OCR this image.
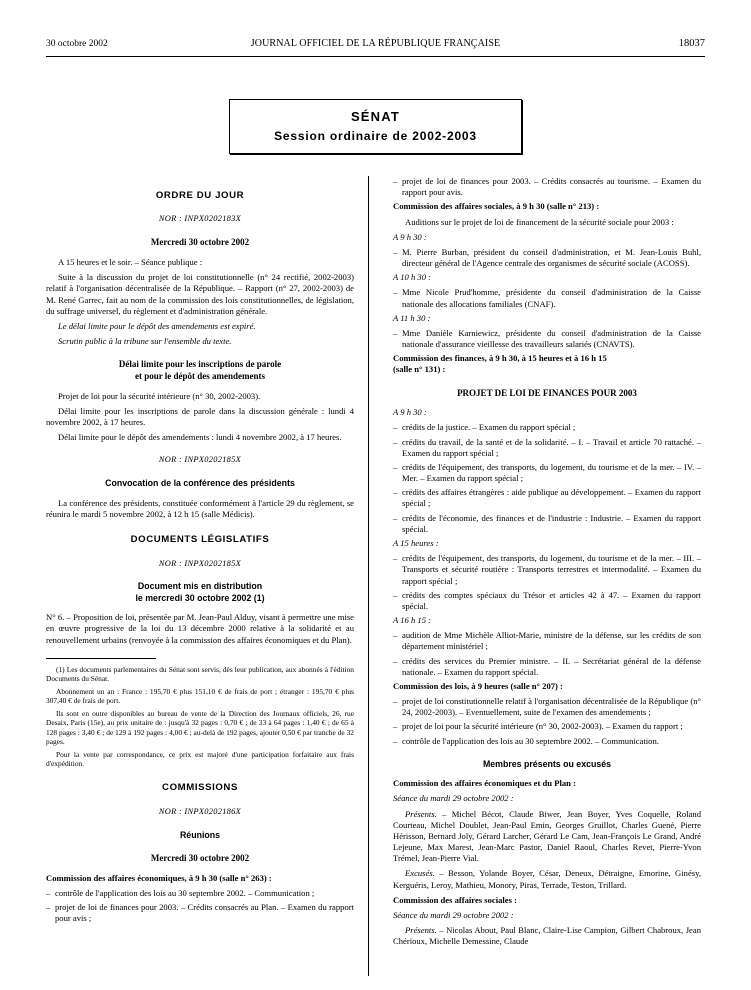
30 octobre 2002	JOURNAL OFFICIEL DE LA RÉPUBLIQUE FRANÇAISE	18037
SÉNAT
Session ordinaire de 2002-2003
ORDRE DU JOUR
NOR : INPX0202183X
Mercredi 30 octobre 2002

A 15 heures et le soir. – Séance publique :

Suite à la discussion du projet de loi constitutionnelle (n° 24 rectifié, 2002-2003) relatif à l'organisation décentralisée de la République. – Rapport (n° 27, 2002-2003) de M. René Garrec, fait au nom de la commission des lois constitutionnelles, de législation, du suffrage universel, du règlement et d'administration générale.

Le délai limite pour le dépôt des amendements est expiré.

Scrutin public à la tribune sur l'ensemble du texte.

Délai limite pour les inscriptions de parole
et pour le dépôt des amendements

Projet de loi pour la sécurité intérieure (n° 30, 2002-2003).

Délai limite pour les inscriptions de parole dans la discussion générale : lundi 4 novembre 2002, à 17 heures.

Délai limite pour le dépôt des amendements : lundi 4 novembre 2002, à 17 heures.

NOR : INPX0202185X
Convocation de la conférence des présidents

La conférence des présidents, constituée conformément à l'article 29 du règlement, se réunira le mardi 5 novembre 2002, à 12 h 15 (salle Médicis).

DOCUMENTS LÉGISLATIFS
NOR : INPX0202185X
Document mis en distribution
le mercredi 30 octobre 2002 (1)

N° 6. – Proposition de loi, présentée par M. Jean-Paul Alduy, visant à permettre une mise en œuvre progressive de la loi du 13 décembre 2000 relative à la solidarité et au renouvellement urbains (renvoyée à la commission des affaires économiques et du Plan).

(1) Les documents parlementaires du Sénat sont servis, dès leur publication, aux abonnés à l'édition Documents du Sénat.

Abonnement un an : France : 195,70 € plus 151,10 € de frais de port ; étranger : 195,70 € plus 307,40 € de frais de port.

Ils sont en outre disponibles au bureau de vente de la Direction des Journaux officiels, 26, rue Desaix, Paris (15e), au prix unitaire de : jusqu'à 32 pages : 0,70 € ; de 33 à 64 pages : 1,40 € ; de 65 à 128 pages : 3,40 € ; de 129 à 192 pages : 4,00 € ; au-delà de 192 pages, ajouter 0,50 € par tranche de 32 pages.

Pour la vente par correspondance, ce prix est majoré d'une participation forfaitaire aux frais d'expédition.

COMMISSIONS
NOR : INPX0202186X
Réunions
Mercredi 30 octobre 2002

Commission des affaires économiques, à 9 h 30 (salle n° 263) :

– contrôle de l'application des lois au 30 septembre 2002. – Communication ;

– projet de loi de finances pour 2003. – Crédits consacrés au Plan. – Examen du rapport pour avis ;

– projet de loi de finances pour 2003. – Crédits consacrés au tourisme. – Examen du rapport pour avis.

Commission des affaires sociales, à 9 h 30 (salle n° 213) :

Auditions sur le projet de loi de financement de la sécurité sociale pour 2003 :

A 9 h 30 :

– M. Pierre Burban, président du conseil d'administration, et M. Jean-Louis Buhl, directeur général de l'Agence centrale des organismes de sécurité sociale (ACOSS).

A 10 h 30 :

– Mme Nicole Prud'homme, présidente du conseil d'administration de la Caisse nationale des allocations familiales (CNAF).

A 11 h 30 :

– Mme Danièle Karniewicz, présidente du conseil d'administration de la Caisse nationale d'assurance vieillesse des travailleurs salariés (CNAVTS).

Commission des finances, à 9 h 30, à 15 heures et à 16 h 15
(salle n° 131) :

PROJET DE LOI DE FINANCES POUR 2003

A 9 h 30 :

– crédits de la justice. – Examen du rapport spécial ;

– crédits du travail, de la santé et de la solidarité. – I. – Travail et article 70 rattaché. – Examen du rapport spécial ;

– crédits de l'équipement, des transports, du logement, du tourisme et de la mer. – IV. – Mer. – Examen du rapport spécial ;

– crédits des affaires étrangères : aide publique au développement. – Examen du rapport spécial ;

– crédits de l'économie, des finances et de l'industrie : Industrie. – Examen du rapport spécial.

A 15 heures :

– crédits de l'équipement, des transports, du logement, du tourisme et de la mer. – III. – Transports et sécurité routière : Transports terrestres et intermodalité. – Examen du rapport spécial ;

– crédits des comptes spéciaux du Trésor et articles 42 à 47. – Examen du rapport spécial.

A 16 h 15 :

– audition de Mme Michèle Alliot-Marie, ministre de la défense, sur les crédits de son département ministériel ;

– crédits des services du Premier ministre. – II. – Secrétariat général de la défense nationale. – Examen du rapport spécial.

Commission des lois, à 9 heures (salle n° 207) :

– projet de loi constitutionnelle relatif à l'organisation décentralisée de la République (n° 24, 2002-2003). – Eventuellement, suite de l'examen des amendements ;

– projet de loi pour la sécurité intérieure (n° 30, 2002-2003). – Examen du rapport ;

– contrôle de l'application des lois au 30 septembre 2002. – Communication.

Membres présents ou excusés

Commission des affaires économiques et du Plan :

Séance du mardi 29 octobre 2002 :

Présents. – Michel Bécot, Claude Biwer, Jean Boyer, Yves Coquelle, Roland Courteau, Michel Doublet, Jean-Paul Emin, Georges Gruillot, Charles Guené, Pierre Hérisson, Bernard Joly, Gérard Larcher, Gérard Le Cam, Jean-François Le Grand, André Lejeune, Max Marest, Jean-Marc Pastor, Daniel Raoul, Charles Revet, Pierre-Yvon Trémel, Jean-Pierre Vial.

Excusés. – Besson, Yolande Boyer, César, Deneux, Détraigne, Emorine, Ginésy, Kerguéris, Leroy, Mathieu, Monory, Piras, Terrade, Teston, Trillard.

Commission des affaires sociales :

Séance du mardi 29 octobre 2002 :

Présents. – Nicolas About, Paul Blanc, Claire-Lise Campion, Gilbert Chabroux, Jean Chérioux, Michelle Demessine, Claude
